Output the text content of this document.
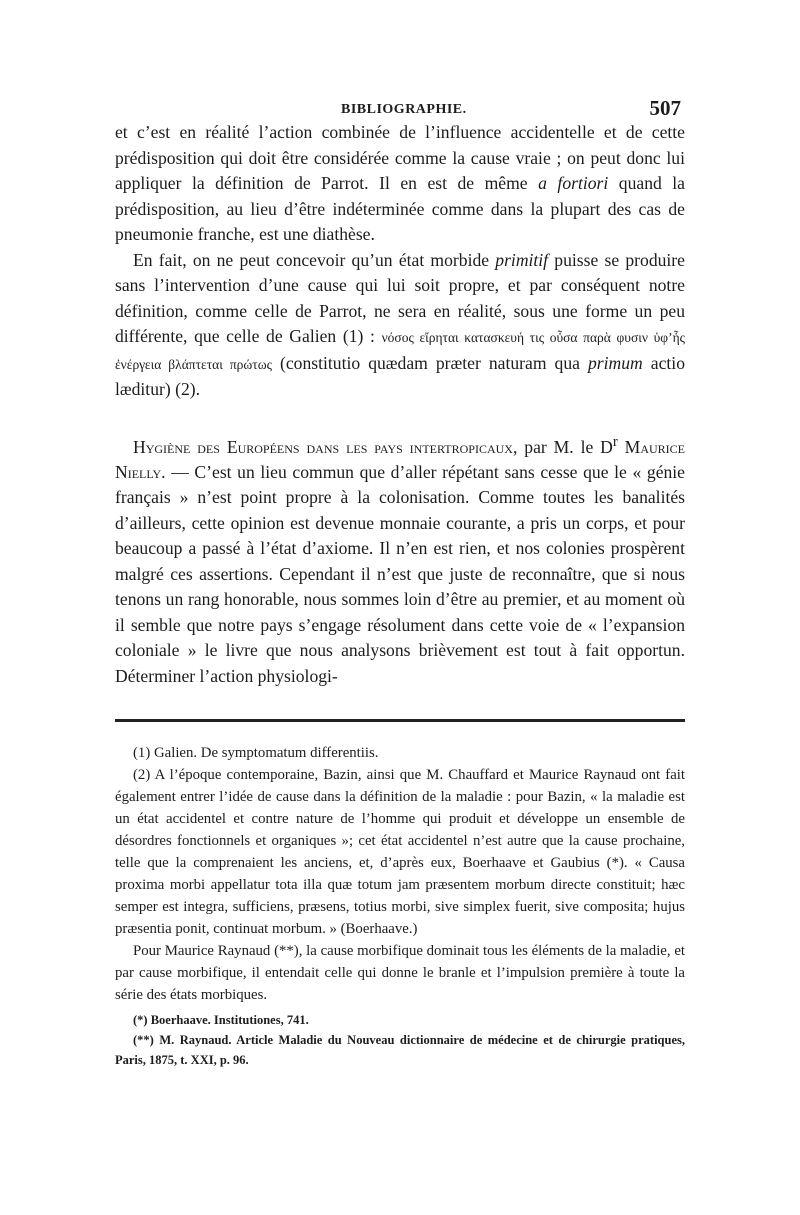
BIBLIOGRAPHIE.	507

et c’est en réalité l’action combinée de l’influence accidentelle et de cette prédisposition qui doit être considérée comme la cause vraie ; on peut donc lui appliquer la définition de Parrot. Il en est de même a fortiori quand la prédisposition, au lieu d’être indéterminée comme dans la plupart des cas de pneumonie franche, est une diathèse.

En fait, on ne peut concevoir qu’un état morbide primitif puisse se produire sans l’intervention d’une cause qui lui soit propre, et par conséquent notre définition, comme celle de Parrot, ne sera en réalité, sous une forme un peu différente, que celle de Galien (1) : νόσος εἴρηται κατασκευή τις οὖσα παρὰ φυσιν ὑφ’ἧς ἐνέργεια βλάπτεται πρώτως (constitutio quædam præter naturam qua primum actio læditur) (2).

Hygiène des Européens dans les pays intertropicaux, par M. le $D^r$ Maurice Nielly. — C’est un lieu commun que d’aller répétant sans cesse que le « génie français » n’est point propre à la colonisation. Comme toutes les banalités d’ailleurs, cette opinion est devenue monnaie courante, a pris un corps, et pour beaucoup a passé à l’état d’axiome. Il n’en est rien, et nos colonies prospèrent malgré ces assertions. Cependant il n’est que juste de reconnaître, que si nous tenons un rang honorable, nous sommes loin d’être au premier, et au moment où il semble que notre pays s’engage résolument dans cette voie de « l’expansion coloniale » le livre que nous analysons brièvement est tout à fait opportun. Déterminer l’action physiologi-

(1) Galien. De symptomatum differentiis.

(2) A l’époque contemporaine, Bazin, ainsi que M. Chauffard et Maurice Raynaud ont fait également entrer l’idée de cause dans la définition de la maladie : pour Bazin, « la maladie est un état accidentel et contre nature de l’homme qui produit et développe un ensemble de désordres fonctionnels et organiques »; cet état accidentel n’est autre que la cause prochaine, telle que la comprenaient les anciens, et, d’après eux, Boerhaave et Gaubius (*). « Causa proxima morbi appellatur tota illa quæ totum jam præsentem morbum directe constituit; hæc semper est integra, sufficiens, præsens, totius morbi, sive simplex fuerit, sive composita; hujus præsentia ponit, continuat morbum. » (Boerhaave.)

Pour Maurice Raynaud (**), la cause morbifique dominait tous les éléments de la maladie, et par cause morbifique, il entendait celle qui donne le branle et l’impulsion première à toute la série des états morbiques.

(*) Boerhaave. Institutiones, 741.

(**) M. Raynaud. Article Maladie du Nouveau dictionnaire de médecine et de chirurgie pratiques, Paris, 1875, t. XXI, p. 96.
